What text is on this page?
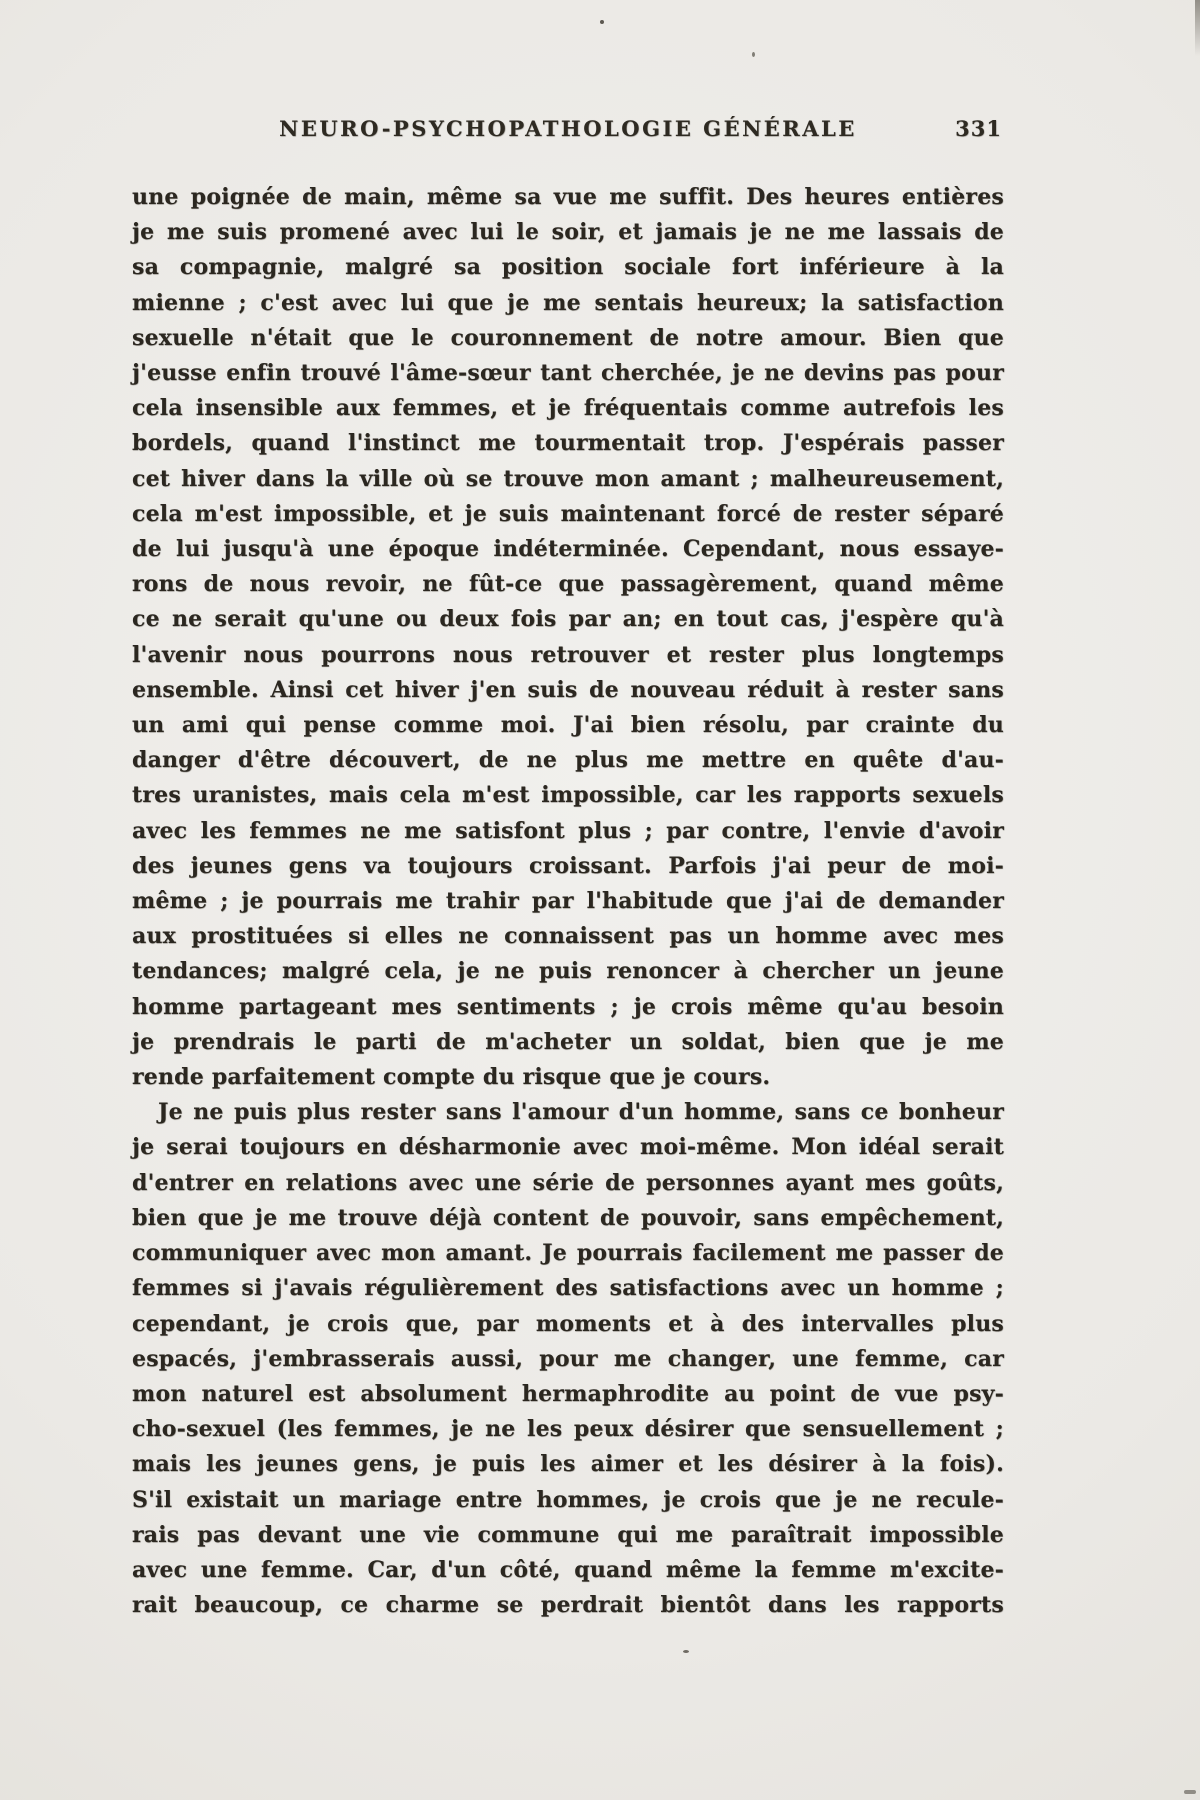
NEURO-PSYCHOPATHOLOGIE GÉNÉRALE	331
une poignée de main, même sa vue me suffit. Des heures entières
je me suis promené avec lui le soir, et jamais je ne me lassais de
sa compagnie, malgré sa position sociale fort inférieure à la
mienne ; c'est avec lui que je me sentais heureux; la satisfaction
sexuelle n'était que le couronnement de notre amour. Bien que
j'eusse enfin trouvé l'âme-sœur tant cherchée, je ne devins pas pour
cela insensible aux femmes, et je fréquentais comme autrefois les
bordels, quand l'instinct me tourmentait trop. J'espérais passer
cet hiver dans la ville où se trouve mon amant ; malheureusement,
cela m'est impossible, et je suis maintenant forcé de rester séparé
de lui jusqu'à une époque indéterminée. Cependant, nous essaye-
rons de nous revoir, ne fût-ce que passagèrement, quand même
ce ne serait qu'une ou deux fois par an; en tout cas, j'espère qu'à
l'avenir nous pourrons nous retrouver et rester plus longtemps
ensemble. Ainsi cet hiver j'en suis de nouveau réduit à rester sans
un ami qui pense comme moi. J'ai bien résolu, par crainte du
danger d'être découvert, de ne plus me mettre en quête d'au-
tres uranistes, mais cela m'est impossible, car les rapports sexuels
avec les femmes ne me satisfont plus ; par contre, l'envie d'avoir
des jeunes gens va toujours croissant. Parfois j'ai peur de moi-
même ; je pourrais me trahir par l'habitude que j'ai de demander
aux prostituées si elles ne connaissent pas un homme avec mes
tendances; malgré cela, je ne puis renoncer à chercher un jeune
homme partageant mes sentiments ; je crois même qu'au besoin
je prendrais le parti de m'acheter un soldat, bien que je me
rende parfaitement compte du risque que je cours.
Je ne puis plus rester sans l'amour d'un homme, sans ce bonheur
je serai toujours en désharmonie avec moi-même. Mon idéal serait
d'entrer en relations avec une série de personnes ayant mes goûts,
bien que je me trouve déjà content de pouvoir, sans empêchement,
communiquer avec mon amant. Je pourrais facilement me passer de
femmes si j'avais régulièrement des satisfactions avec un homme ;
cependant, je crois que, par moments et à des intervalles plus
espacés, j'embrasserais aussi, pour me changer, une femme, car
mon naturel est absolument hermaphrodite au point de vue psy-
cho-sexuel (les femmes, je ne les peux désirer que sensuellement ;
mais les jeunes gens, je puis les aimer et les désirer à la fois).
S'il existait un mariage entre hommes, je crois que je ne recule-
rais pas devant une vie commune qui me paraîtrait impossible
avec une femme. Car, d'un côté, quand même la femme m'excite-
rait beaucoup, ce charme se perdrait bientôt dans les rapports
